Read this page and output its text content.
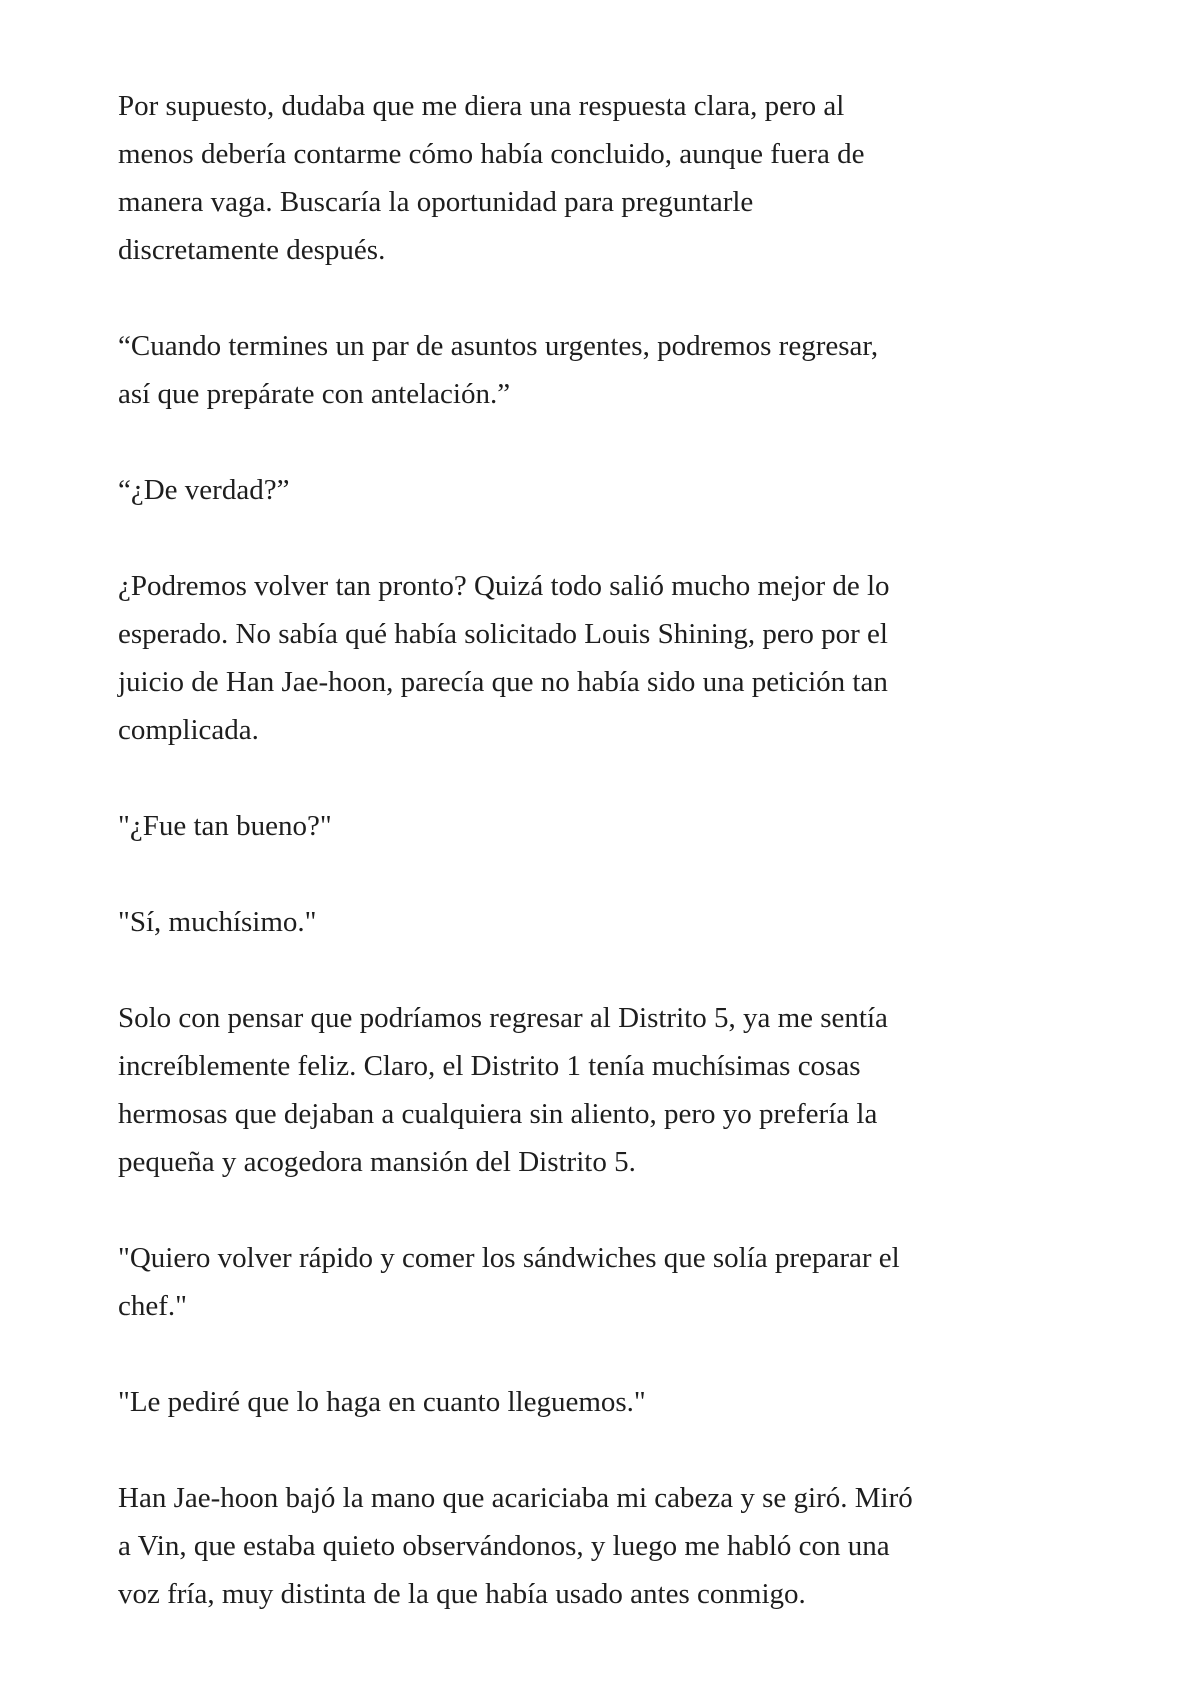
Por supuesto, dudaba que me diera una respuesta clara, pero al
menos debería contarme cómo había concluido, aunque fuera de
manera vaga. Buscaría la oportunidad para preguntarle
discretamente después.

“Cuando termines un par de asuntos urgentes, podremos regresar,
así que prepárate con antelación.”

“¿De verdad?”

¿Podremos volver tan pronto? Quizá todo salió mucho mejor de lo
esperado. No sabía qué había solicitado Louis Shining, pero por el
juicio de Han Jae-hoon, parecía que no había sido una petición tan
complicada.

"¿Fue tan bueno?"

"Sí, muchísimo."

Solo con pensar que podríamos regresar al Distrito 5, ya me sentía
increíblemente feliz. Claro, el Distrito 1 tenía muchísimas cosas
hermosas que dejaban a cualquiera sin aliento, pero yo prefería la
pequeña y acogedora mansión del Distrito 5.

"Quiero volver rápido y comer los sándwiches que solía preparar el
chef."

"Le pediré que lo haga en cuanto lleguemos."

Han Jae-hoon bajó la mano que acariciaba mi cabeza y se giró. Miró
a Vin, que estaba quieto observándonos, y luego me habló con una
voz fría, muy distinta de la que había usado antes conmigo.
